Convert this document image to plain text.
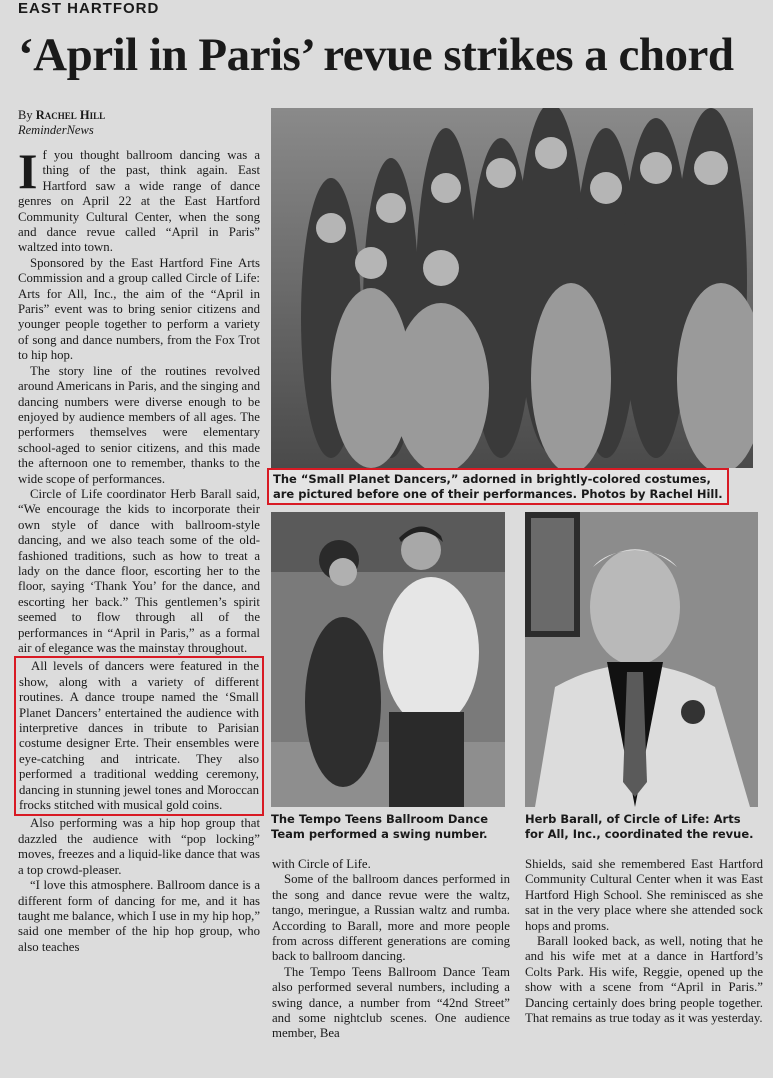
EAST HARTFORD
‘April in Paris’ revue strikes a chord
By Rachel Hill
ReminderNews

If you thought ballroom dancing was a thing of the past, think again. East Hartford saw a wide range of dance genres on April 22 at the East Hartford Community Cultural Center, when the song and dance revue called “April in Paris” waltzed into town.

Sponsored by the East Hartford Fine Arts Commission and a group called Circle of Life: Arts for All, Inc., the aim of the “April in Paris” event was to bring senior citizens and younger people together to perform a variety of song and dance numbers, from the Fox Trot to hip hop.

The story line of the routines revolved around Americans in Paris, and the singing and dancing numbers were diverse enough to be enjoyed by audience members of all ages. The performers themselves were elementary school-aged to senior citizens, and this made the afternoon one to remember, thanks to the wide scope of performances.

Circle of Life coordinator Herb Barall said, “We encourage the kids to incorporate their own style of dance with ballroom-style dancing, and we also teach some of the old-fashioned traditions, such as how to treat a lady on the dance floor, escorting her to the floor, saying ‘Thank You’ for the dance, and escorting her back.” This gentlemen’s spirit seemed to flow through all of the performances in “April in Paris,” as a formal air of elegance was the mainstay throughout.

All levels of dancers were featured in the show, along with a variety of different routines. A dance troupe named the ‘Small Planet Dancers’ entertained the audience with interpretive dances in tribute to Parisian costume designer Erte. Their ensembles were eye-catching and intricate. They also performed a traditional wedding ceremony, dancing in stunning jewel tones and Moroccan frocks stitched with musical gold coins.

Also performing was a hip hop group that dazzled the audience with “pop locking” moves, freezes and a liquid-like dance that was a top crowd-pleaser.

“I love this atmosphere. Ballroom dance is a different form of dancing for me, and it has taught me balance, which I use in my hip hop,” said one member of the hip hop group, who also teaches

The “Small Planet Dancers,” adorned in brightly-colored costumes, are pictured before one of their performances. Photos by Rachel Hill.
The Tempo Teens Ballroom Dance Team performed a swing number.
Herb Barall, of Circle of Life: Arts for All, Inc., coordinated the revue.

with Circle of Life.

Some of the ballroom dances performed in the song and dance revue were the waltz, tango, meringue, a Russian waltz and rumba. According to Barall, more and more people from across different generations are coming back to ballroom dancing.

The Tempo Teens Ballroom Dance Team also performed several numbers, including a swing dance, a number from “42nd Street” and some nightclub scenes. One audience member, Bea

Shields, said she remembered East Hartford Community Cultural Center when it was East Hartford High School. She reminisced as she sat in the very place where she attended sock hops and proms.

Barall looked back, as well, noting that he and his wife met at a dance in Hartford’s Colts Park. His wife, Reggie, opened up the show with a scene from “April in Paris.” Dancing certainly does bring people together. That remains as true today as it was yesterday.
